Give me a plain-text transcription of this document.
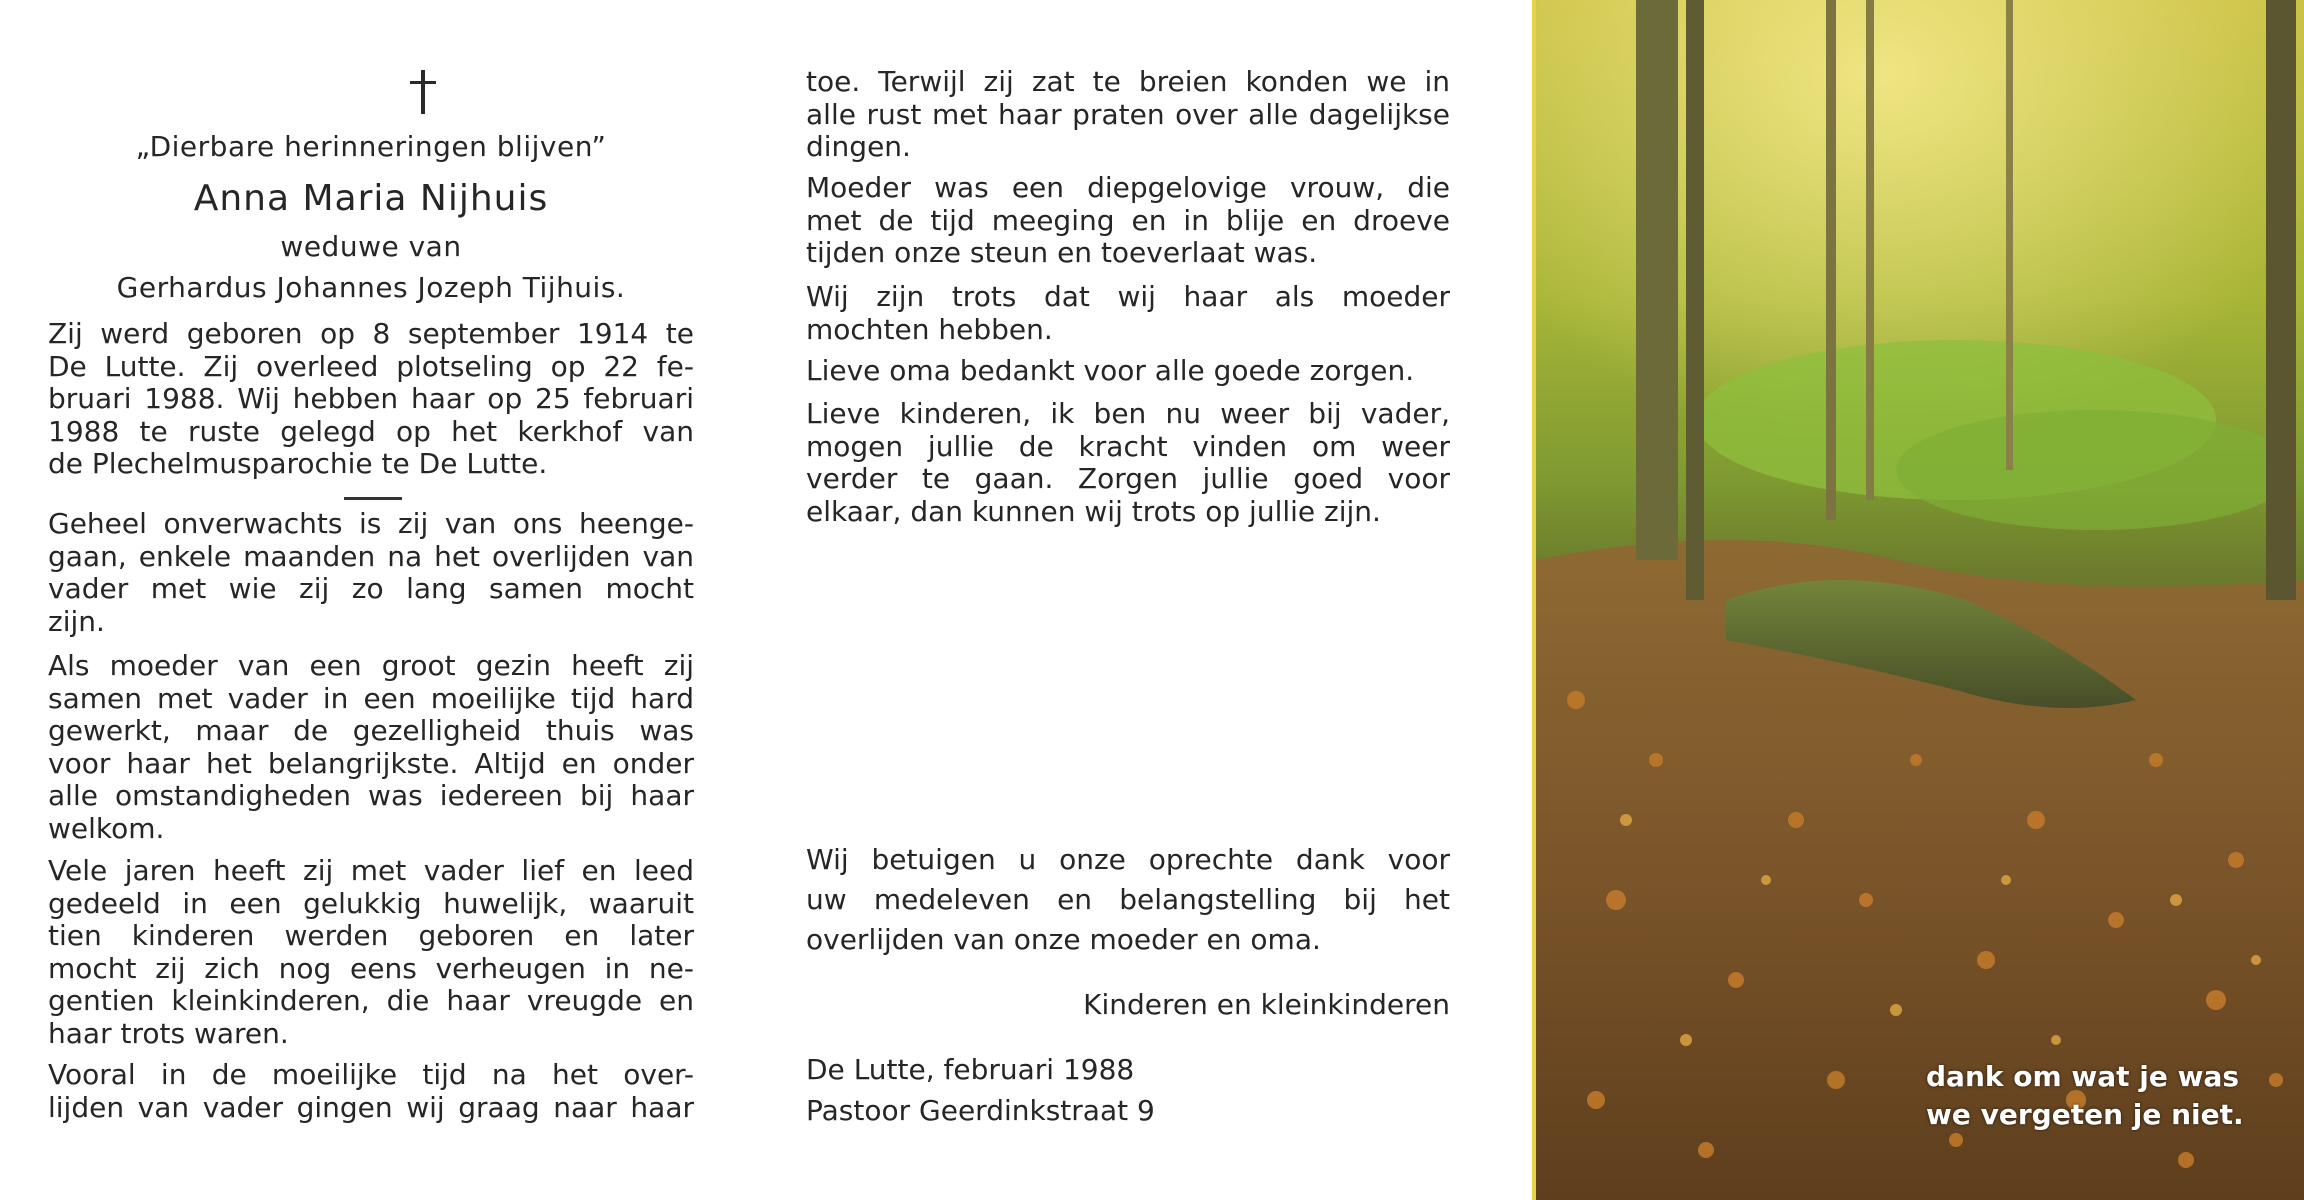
„Dierbare herinneringen blijven”
Anna Maria Nijhuis
weduwe van
Gerhardus Johannes Jozeph Tijhuis.
Zij werd geboren op 8 september 1914 te
De Lutte. Zij overleed plotseling op 22 fe-
bruari 1988. Wij hebben haar op 25 februari
1988 te ruste gelegd op het kerkhof van
de Plechelmusparochie te De Lutte.
Geheel onverwachts is zij van ons heenge-
gaan, enkele maanden na het overlijden van
vader met wie zij zo lang samen mocht
zijn.
Als moeder van een groot gezin heeft zij
samen met vader in een moeilijke tijd hard
gewerkt, maar de gezelligheid thuis was
voor haar het belangrijkste. Altijd en onder
alle omstandigheden was iedereen bij haar
welkom.
Vele jaren heeft zij met vader lief en leed
gedeeld in een gelukkig huwelijk, waaruit
tien kinderen werden geboren en later
mocht zij zich nog eens verheugen in ne-
gentien kleinkinderen, die haar vreugde en
haar trots waren.
Vooral in de moeilijke tijd na het over-
lijden van vader gingen wij graag naar haar
toe. Terwijl zij zat te breien konden we in
alle rust met haar praten over alle dagelijkse
dingen.
Moeder was een diepgelovige vrouw, die
met de tijd meeging en in blije en droeve
tijden onze steun en toeverlaat was.
Wij zijn trots dat wij haar als moeder
mochten hebben.
Lieve oma bedankt voor alle goede zorgen.
Lieve kinderen, ik ben nu weer bij vader,
mogen jullie de kracht vinden om weer
verder te gaan. Zorgen jullie goed voor
elkaar, dan kunnen wij trots op jullie zijn.
Wij betuigen u onze oprechte dank voor
uw medeleven en belangstelling bij het
overlijden van onze moeder en oma.
Kinderen en kleinkinderen
De Lutte, februari 1988
Pastoor Geerdinkstraat 9
dank om wat je was
we vergeten je niet.
